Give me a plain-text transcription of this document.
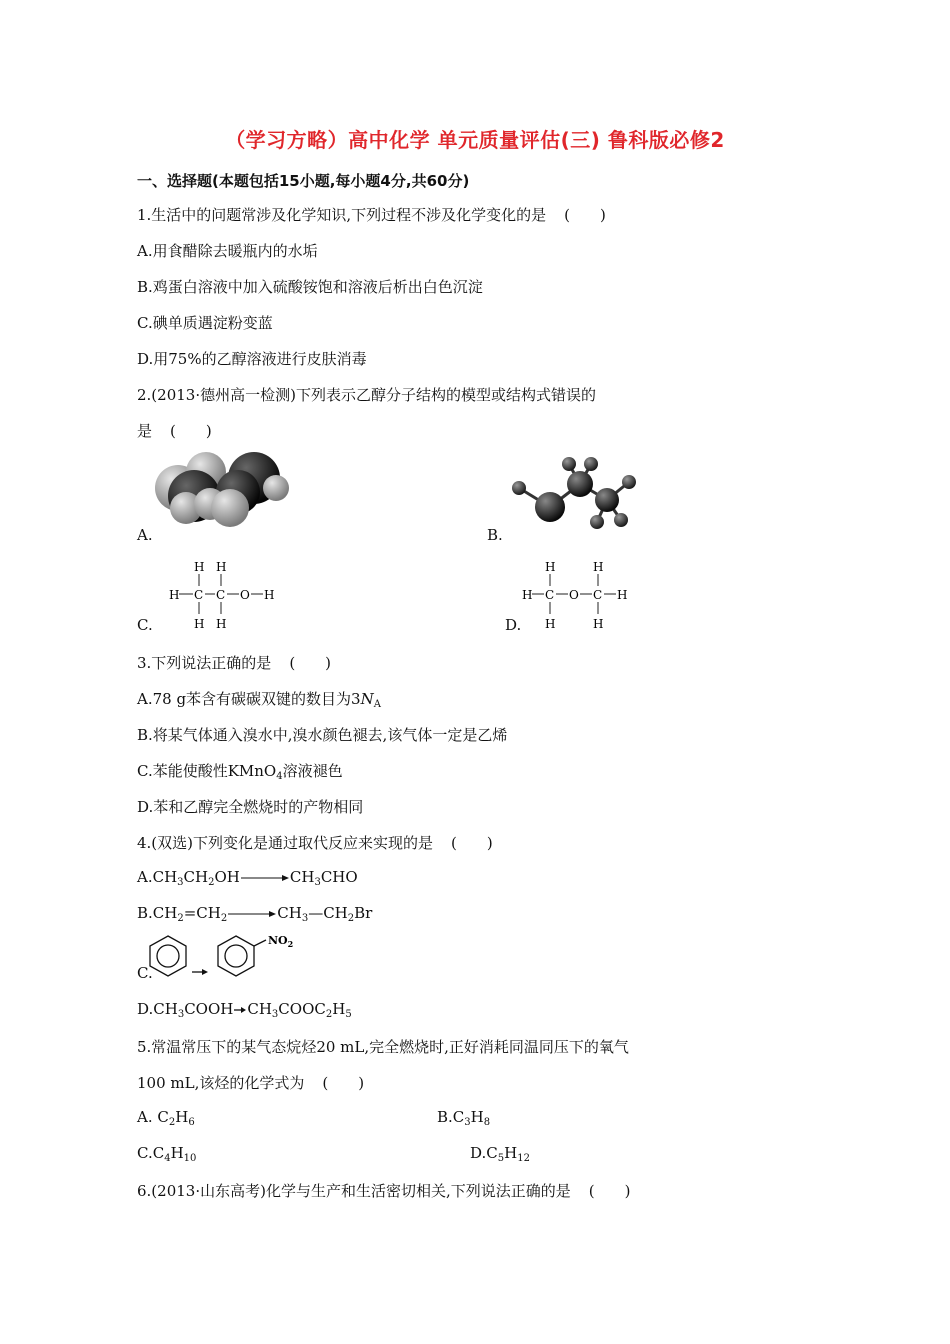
（学习方略）高中化学 单元质量评估(三) 鲁科版必修2
一、选择题(本题包括15小题,每小题4分,共60分)
1.生活中的问题常涉及化学知识,下列过程不涉及化学变化的是 (　　)
A.用食醋除去暖瓶内的水垢
B.鸡蛋白溶液中加入硫酸铵饱和溶液后析出白色沉淀
C.碘单质遇淀粉变蓝
D.用75%的乙醇溶液进行皮肤消毒
2.(2013·德州高一检测)下列表示乙醇分子结构的模型或结构式错误的
是 (　　)
A.	B.
H H
H C C O H
H H
C.
H	H
H C O C H
H	H
D.
3.下列说法正确的是 (　　)
A.78 g苯含有碳碳双键的数目为$3N_A$
B.将某气体通入溴水中,溴水颜色褪去,该气体一定是乙烯
C.苯能使酸性KMnO$_4$溶液褪色
D.苯和乙醇完全燃烧时的产物相同
4.(双选)下列变化是通过取代反应来实现的是 (　　)
$A.CH_3CH_2OH\to CH_3CHO$
$B.CH_2=CH_2\to CH_3—CH_2Br$
C.
$NO_2$
$D.CH_3COOH\to CH_3COOC_2H_5$
5.常温常压下的某气态烷烃20 mL,完全燃烧时,正好消耗同温同压下的氧气
100 mL,该烃的化学式为 (　　)
A. $C_2H_6$	$B.C_3H_8$
$C.C_4H_{10}$	$D.C_5H_{12}$
6.(2013·山东高考)化学与生产和生活密切相关,下列说法正确的是 (　　)
